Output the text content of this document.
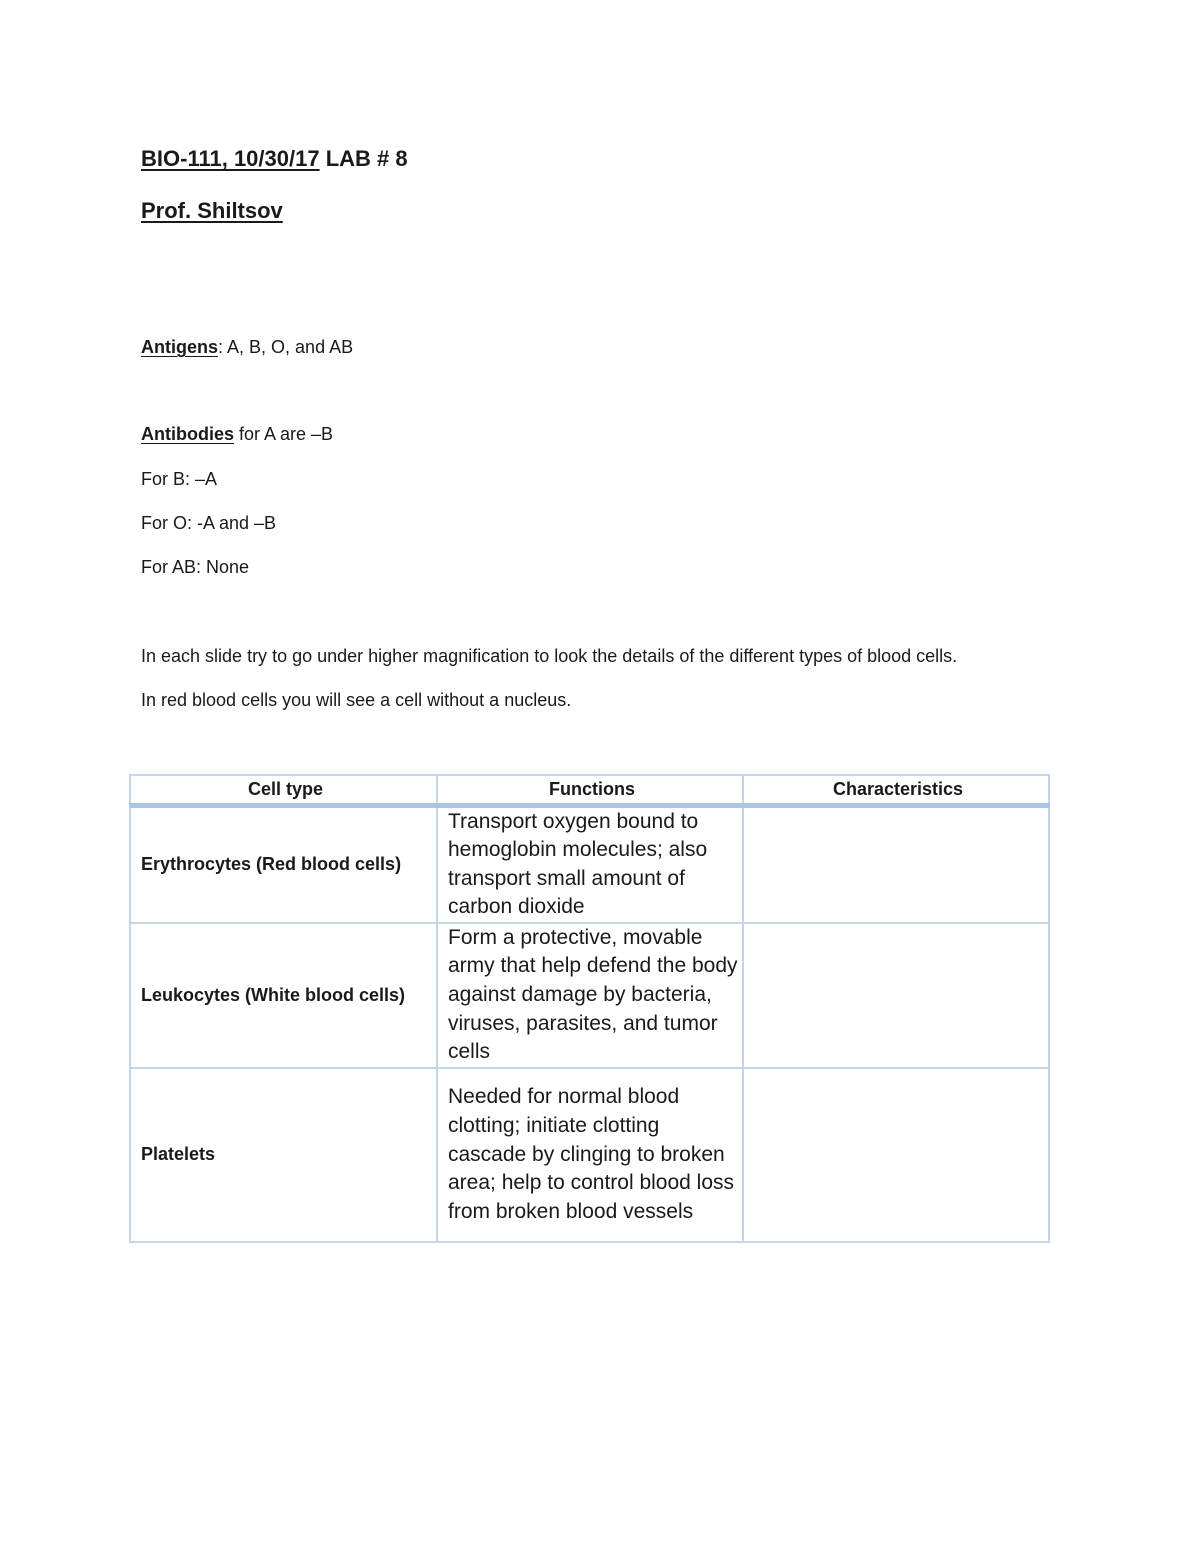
BIO-111, 10/30/17 LAB # 8
Prof. Shiltsov
Antigens: A, B, O, and AB
Antibodies for A are –B
For B: –A
For O: -A and –B
For AB: None
In each slide try to go under higher magnification to look the details of the different types of blood cells.
In red blood cells you will see a cell without a nucleus.
Cell type	Functions	Characteristics
Erythrocytes (Red blood cells)	Transport oxygen bound to hemoglobin molecules; also transport small amount of carbon dioxide	
Leukocytes (White blood cells)	Form a protective, movable army that help defend the body against damage by bacteria, viruses, parasites, and tumor cells	
Platelets	Needed for normal blood clotting; initiate clotting cascade by clinging to broken area; help to control blood loss from broken blood vessels	
